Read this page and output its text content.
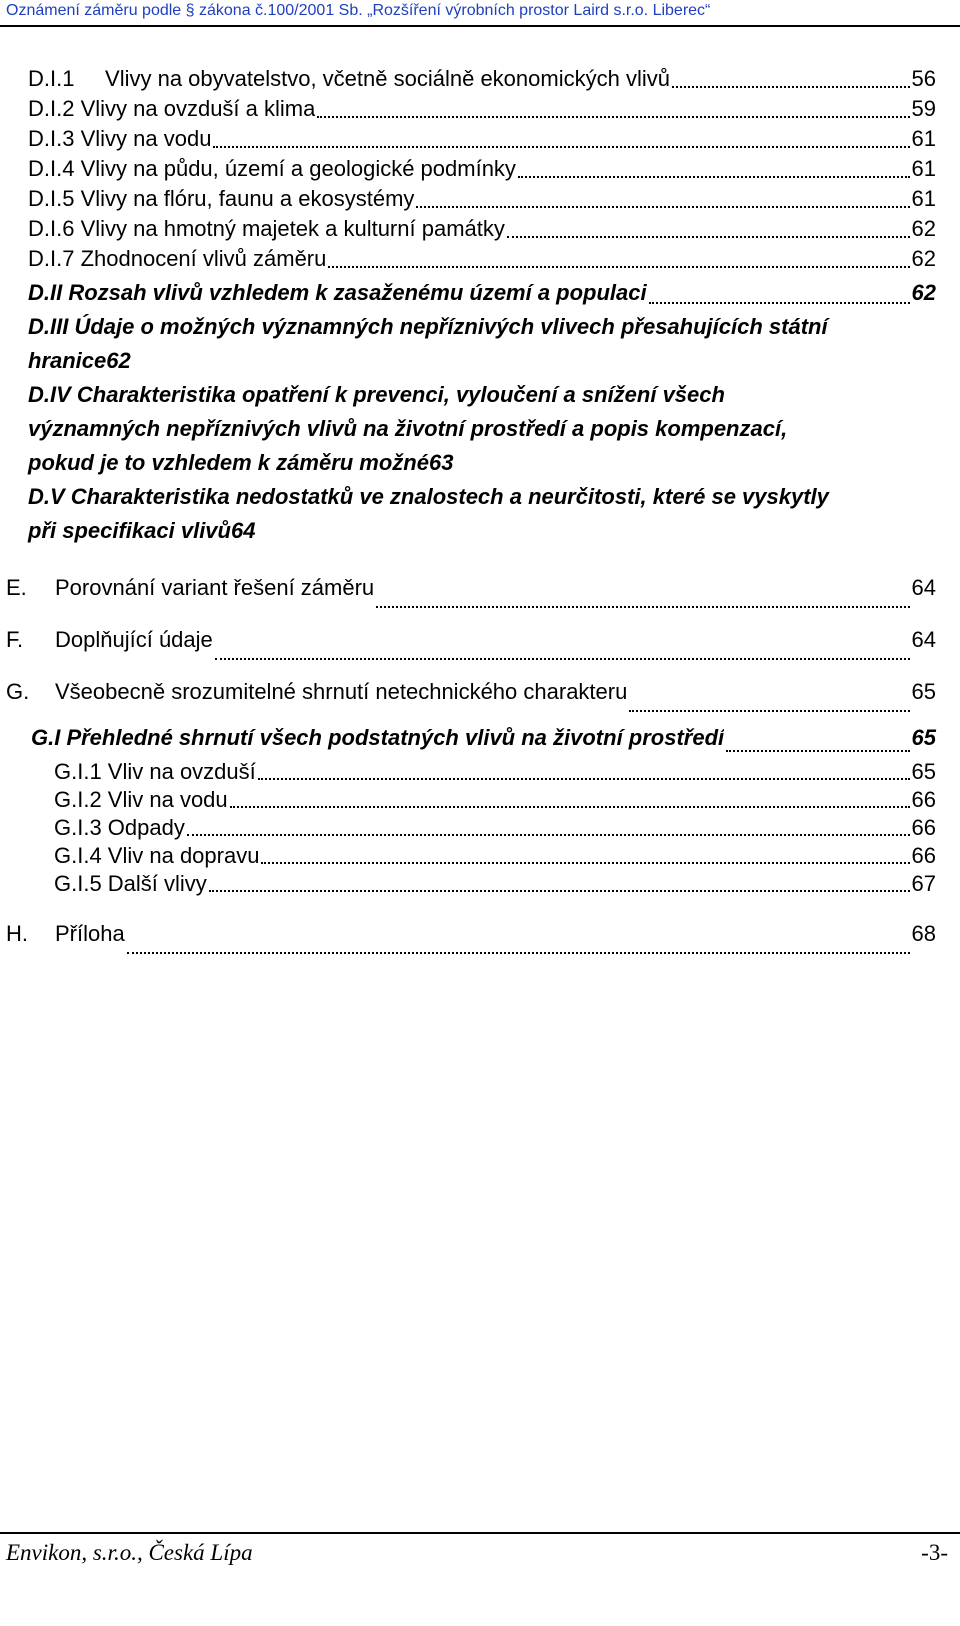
Oznámení záměru podle § zákona č.100/2001 Sb. „Rozšíření výrobních prostor Laird s.r.o. Liberec“
D.I.1     Vlivy na obyvatelstvo, včetně sociálně ekonomických vlivů	56
D.I.2 Vlivy na ovzduší a klima	59
D.I.3 Vlivy na vodu	61
D.I.4 Vlivy na půdu, území a geologické podmínky	61
D.I.5 Vlivy na flóru, faunu a ekosystémy	61
D.I.6 Vlivy na hmotný majetek a kulturní památky	62
D.I.7 Zhodnocení vlivů záměru	62
D.II Rozsah vlivů vzhledem k zasaženému území a populaci	62
D.III Údaje o možných významných nepříznivých vlivech přesahujících státní
hranice 62
D.IV Charakteristika opatření k prevenci, vyloučení a snížení všech
významných nepříznivých vlivů na životní prostředí a popis kompenzací,
pokud je to vzhledem k záměru možné 63
D.V Charakteristika nedostatků ve znalostech a neurčitosti, které se vyskytly
při specifikaci vlivů 64
E. Porovnání variant řešení záměru	64
F. Doplňující údaje	64
G. Všeobecně srozumitelné shrnutí netechnického charakteru	65
G.I Přehledné shrnutí všech podstatných vlivů na životní prostředí	65
G.I.1 Vliv na ovzduší	65
G.I.2 Vliv na vodu	66
G.I.3 Odpady	66
G.I.4 Vliv na dopravu	66
G.I.5 Další vlivy	67
H. Příloha	68
Envikon, s.r.o., Česká Lípa	-3-
